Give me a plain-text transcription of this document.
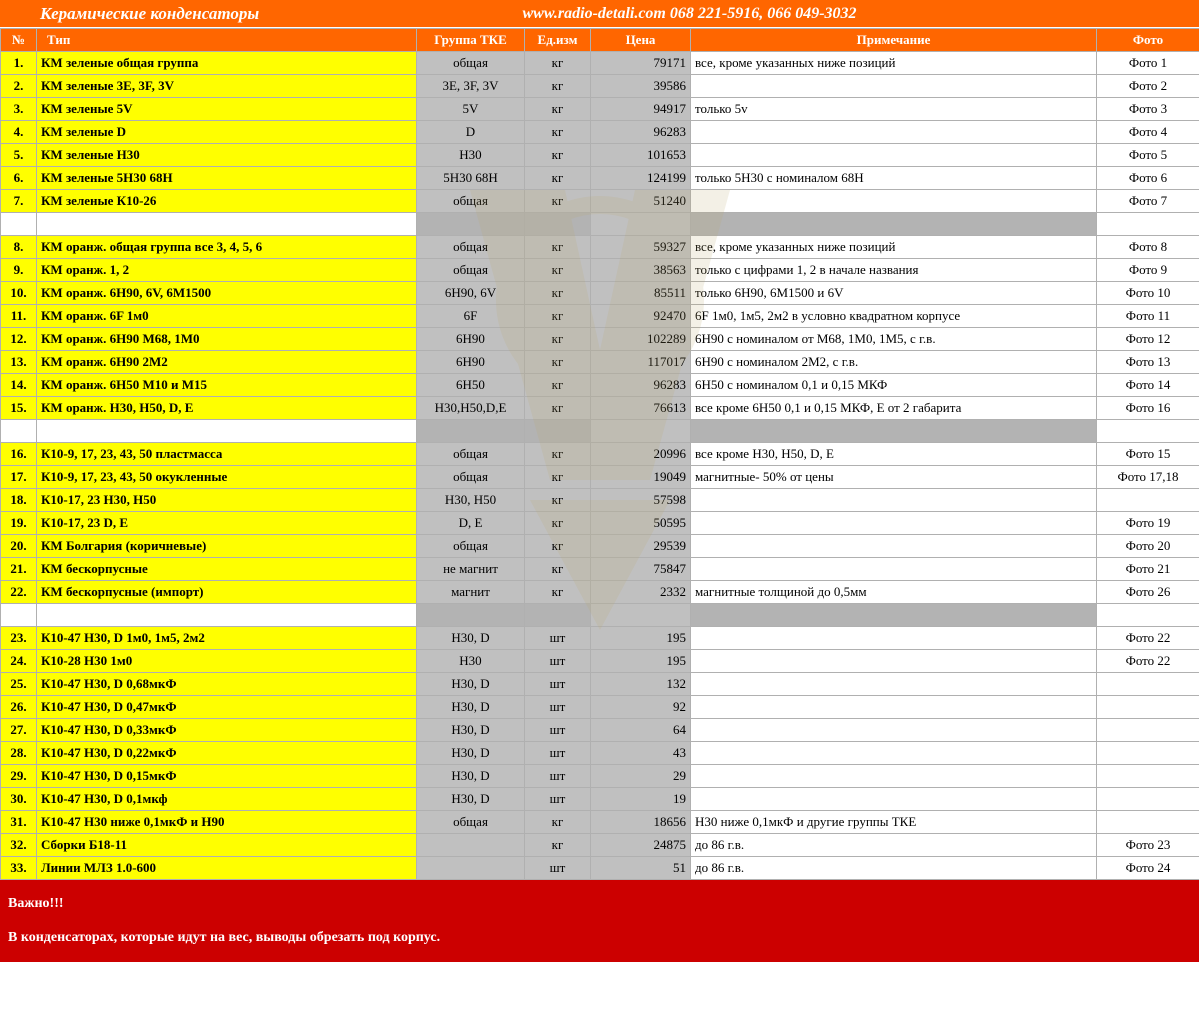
Керамические конденсаторы	www.radio-detali.com 068 221-5916, 066 049-3032
№	Тип	Группа ТКЕ	Ед.изм	Цена	Примечание	Фото
1.	КМ зеленые общая группа	общая	кг	79171	все, кроме указанных ниже позиций	Фото 1
2.	КМ зеленые 3Е, 3F, 3V	3Е, 3F, 3V	кг	39586		Фото 2
3.	КМ зеленые 5V	5V	кг	94917	только 5v	Фото 3
4.	КМ зеленые D	D	кг	96283		Фото 4
5.	КМ зеленые Н30	Н30	кг	101653		Фото 5
6.	КМ зеленые 5Н30 68Н	5Н30 68Н	кг	124199	только 5Н30 с номиналом 68Н	Фото 6
7.	КМ зеленые К10-26	общая	кг	51240		Фото 7

8.	КМ оранж. общая группа все 3, 4, 5, 6	общая	кг	59327	все, кроме указанных ниже позиций	Фото 8
9.	КМ оранж. 1, 2	общая	кг	38563	только с цифрами 1, 2 в начале названия	Фото 9
10.	КМ оранж. 6Н90, 6V, 6М1500	6Н90, 6V	кг	85511	только 6Н90, 6М1500 и 6V	Фото 10
11.	КМ оранж. 6F 1м0	6F	кг	92470	6F 1м0, 1м5, 2м2 в условно квадратном корпусе	Фото 11
12.	КМ оранж. 6Н90 М68, 1М0	6Н90	кг	102289	6Н90 с номиналом от М68, 1М0, 1М5, с г.в.	Фото 12
13.	КМ оранж. 6Н90 2М2	6Н90	кг	117017	6Н90 с номиналом 2М2, с г.в.	Фото 13
14.	КМ оранж. 6Н50 М10 и М15	6Н50	кг	96283	6Н50 с номиналом 0,1 и 0,15 МКФ	Фото 14
15.	КМ оранж. Н30, Н50, D, Е	Н30,Н50,D,Е	кг	76613	все кроме 6Н50 0,1 и 0,15 МКФ, Е от 2 габарита	Фото 16

16.	К10-9, 17, 23, 43, 50 пластмасса	общая	кг	20996	все кроме Н30, Н50, D, Е	Фото 15
17.	К10-9, 17, 23, 43, 50 окукленные	общая	кг	19049	магнитные- 50% от цены	Фото 17,18
18.	К10-17, 23 Н30, Н50	Н30, Н50	кг	57598		
19.	К10-17, 23 D, Е	D, Е	кг	50595		Фото 19
20.	КМ Болгария (коричневые)	общая	кг	29539		Фото 20
21.	КМ бескорпусные	не магнит	кг	75847		Фото 21
22.	КМ бескорпусные (импорт)	магнит	кг	2332	магнитные толщиной до 0,5мм	Фото 26

23.	К10-47 Н30, D 1м0, 1м5, 2м2	Н30, D	шт	195		Фото 22
24.	К10-28 Н30 1м0	Н30	шт	195		Фото 22
25.	К10-47 Н30, D 0,68мкФ	Н30, D	шт	132		
26.	К10-47 Н30, D 0,47мкФ	Н30, D	шт	92		
27.	К10-47 Н30, D 0,33мкФ	Н30, D	шт	64		
28.	К10-47 Н30, D 0,22мкФ	Н30, D	шт	43		
29.	К10-47 Н30, D 0,15мкФ	Н30, D	шт	29		
30.	К10-47 Н30, D 0,1мкф	Н30, D	шт	19		
31.	К10-47 Н30 ниже 0,1мкФ и Н90	общая	кг	18656	Н30 ниже 0,1мкФ и другие группы ТКЕ	
32.	Сборки Б18-11		кг	24875	до 86 г.в.	Фото 23
33.	Линии МЛЗ 1.0-600		шт	51	до 86 г.в.	Фото 24
Важно!!!
В конденсаторах, которые идут на вес, выводы обрезать под корпус.
